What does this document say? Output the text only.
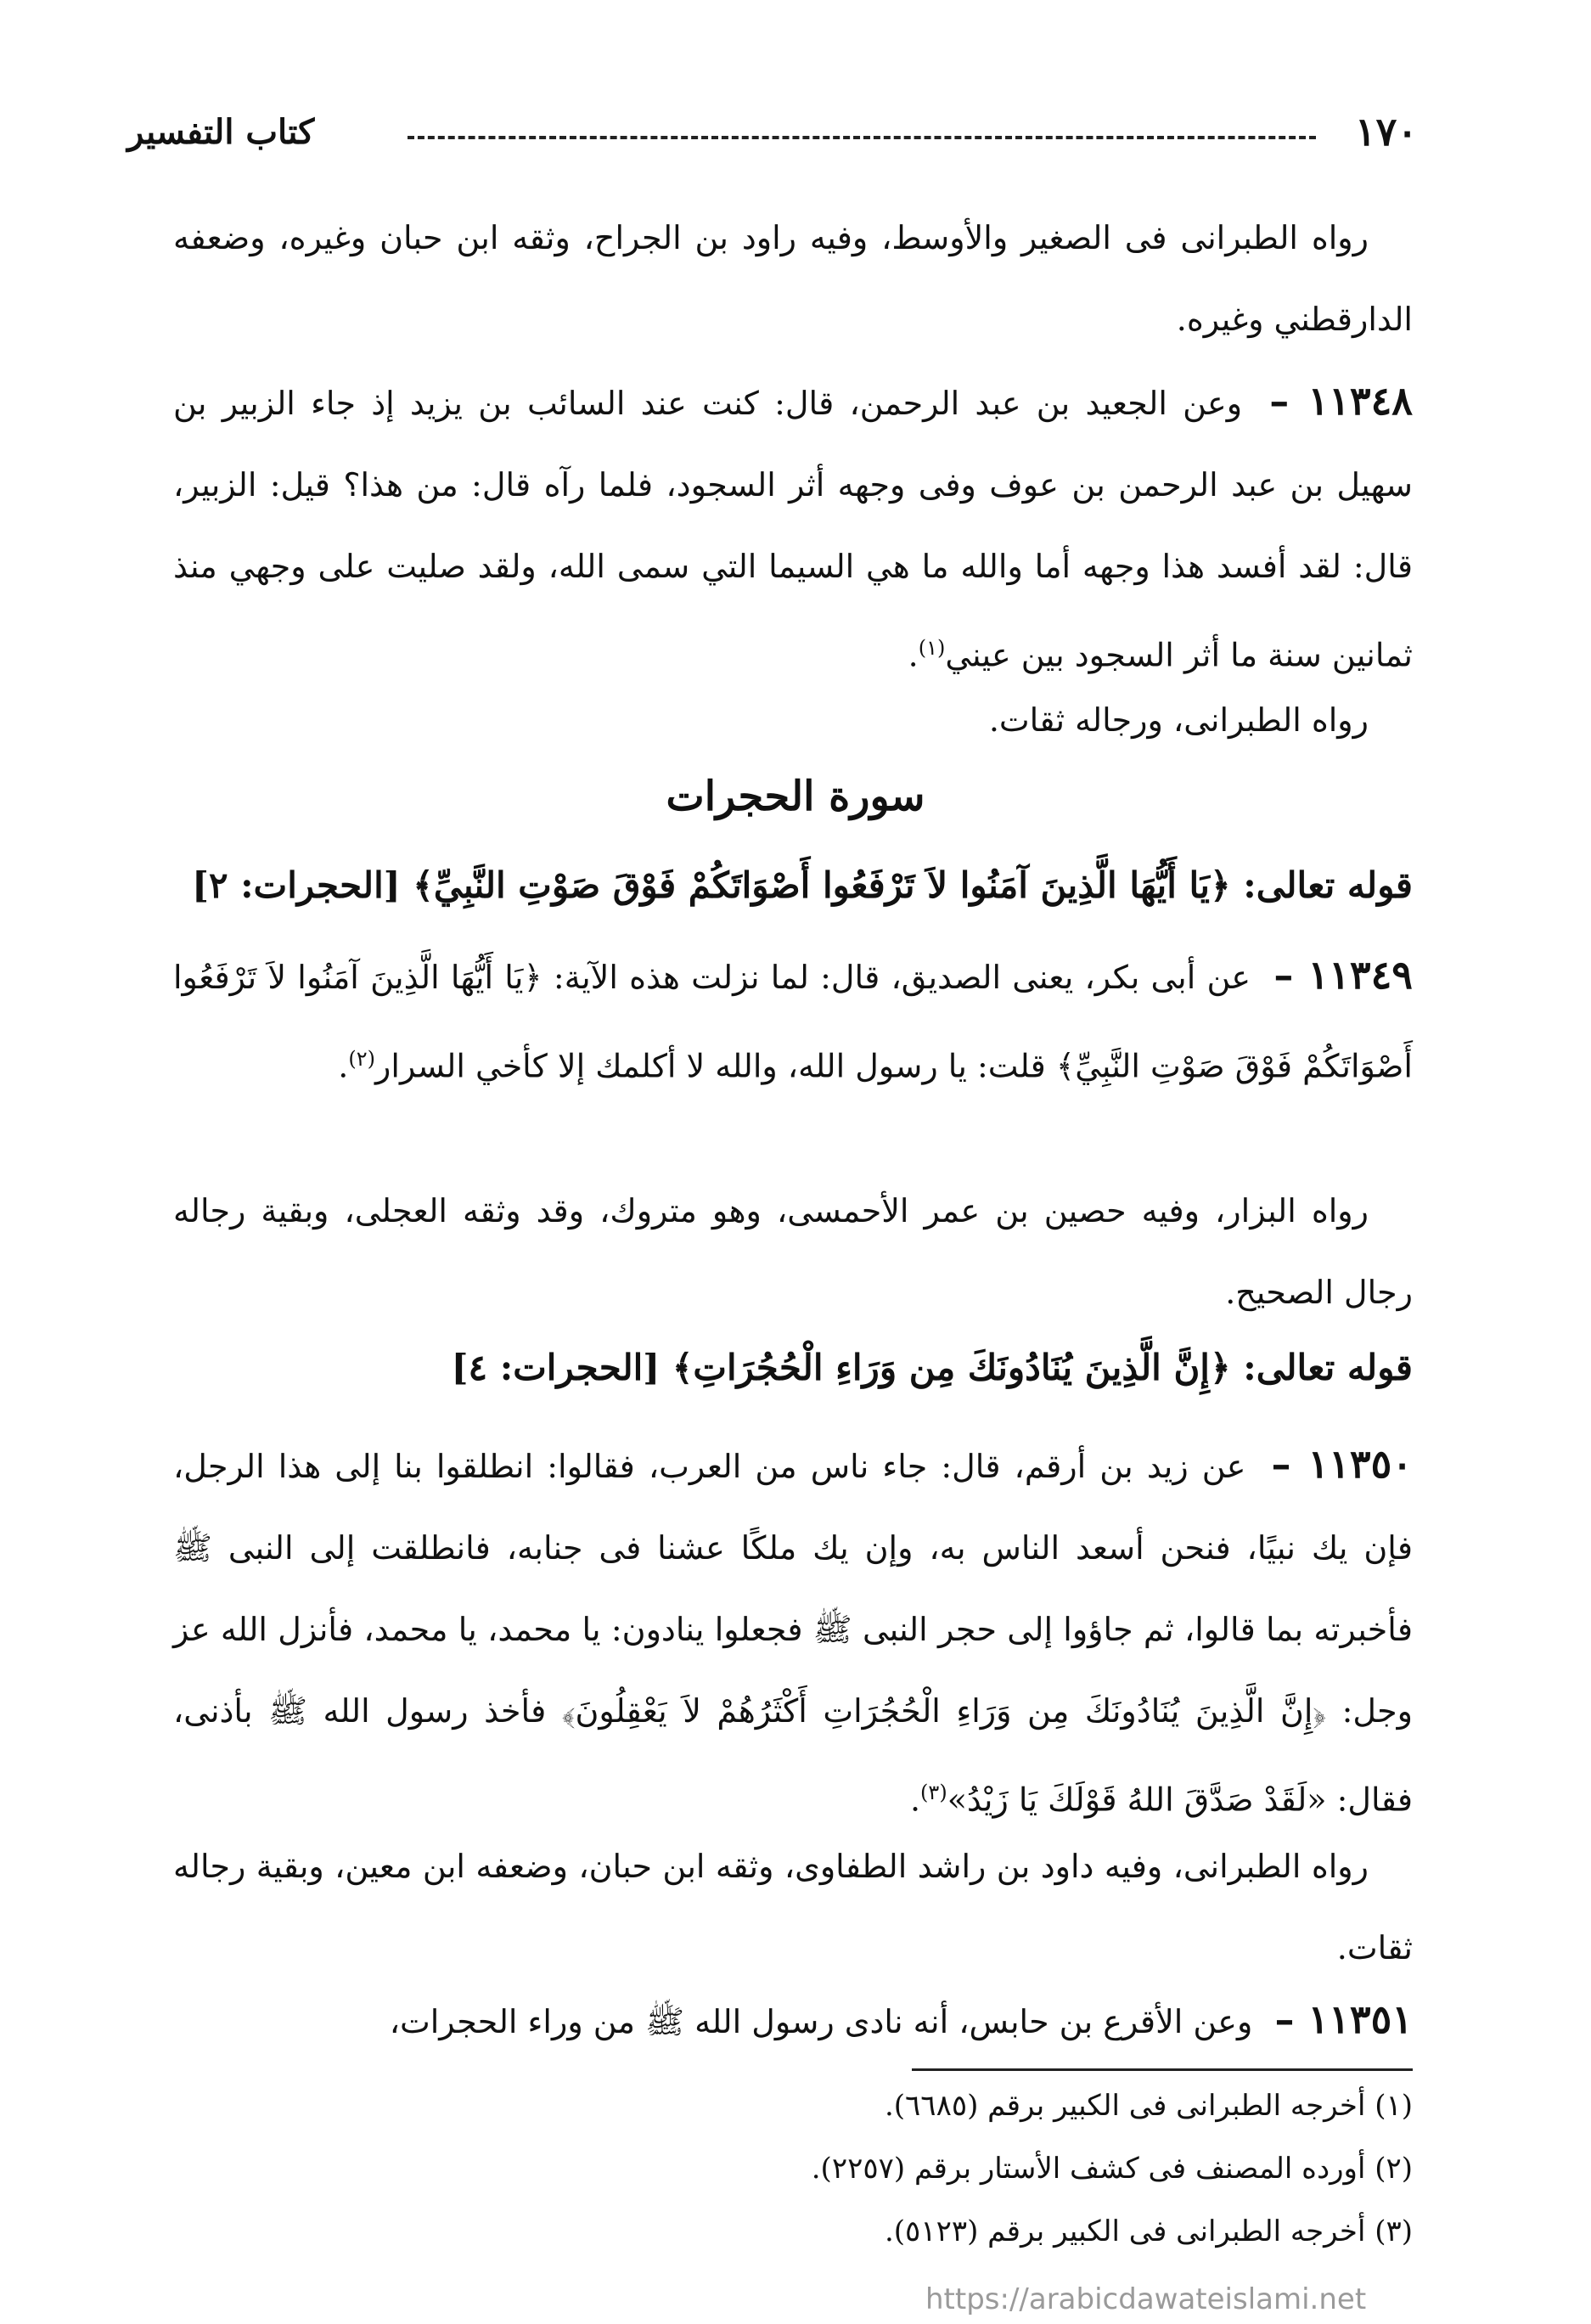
١٧٠
كتاب التفسير
رواه الطبرانى فى الصغير والأوسط، وفيه راود بن الجراح، وثقه ابن حبان وغيره، وضعفه الدارقطني وغيره.
١١٣٤٨ – وعن الجعيد بن عبد الرحمن، قال: كنت عند السائب بن يزيد إذ جاء الزبير بن سهيل بن عبد الرحمن بن عوف وفى وجهه أثر السجود، فلما رآه قال: من هذا؟ قيل: الزبير، قال: لقد أفسد هذا وجهه أما والله ما هي السيما التي سمى الله، ولقد صليت على وجهي منذ ثمانين سنة ما أثر السجود بين عيني$^{(١)}$.
رواه الطبرانى، ورجاله ثقات.
سورة الحجرات
قوله تعالى: ﴿يَا أَيُّهَا الَّذِينَ آمَنُوا لاَ تَرْفَعُوا أَصْوَاتَكُمْ فَوْقَ صَوْتِ النَّبِيِّ﴾ [الحجرات: ٢]
١١٣٤٩ – عن أبى بكر، يعنى الصديق، قال: لما نزلت هذه الآية: ﴿يَا أَيُّهَا الَّذِينَ آمَنُوا لاَ تَرْفَعُوا أَصْوَاتَكُمْ فَوْقَ صَوْتِ النَّبِيِّ﴾ قلت: يا رسول الله، والله لا أكلمك إلا كأخي السرار$^{(٢)}$.
رواه البزار، وفيه حصين بن عمر الأحمسى، وهو متروك، وقد وثقه العجلى، وبقية رجاله رجال الصحيح.
قوله تعالى: ﴿إِنَّ الَّذِينَ يُنَادُونَكَ مِن وَرَاءِ الْحُجُرَاتِ﴾ [الحجرات: ٤]
١١٣٥٠ – عن زيد بن أرقم، قال: جاء ناس من العرب، فقالوا: انطلقوا بنا إلى هذا الرجل، فإن يك نبيًا، فنحن أسعد الناس به، وإن يك ملكًا عشنا فى جنابه، فانطلقت إلى النبى ﷺ فأخبرته بما قالوا، ثم جاؤوا إلى حجر النبى ﷺ فجعلوا ينادون: يا محمد، يا محمد، فأنزل الله عز وجل: ﴿إِنَّ الَّذِينَ يُنَادُونَكَ مِن وَرَاءِ الْحُجُرَاتِ أَكْثَرُهُمْ لاَ يَعْقِلُونَ﴾ فأخذ رسول الله ﷺ بأذنى، فقال: «لَقَدْ صَدَّقَ اللهُ قَوْلَكَ يَا زَيْدُ»$^{(٣)}$.
رواه الطبرانى، وفيه داود بن راشد الطفاوى، وثقه ابن حبان، وضعفه ابن معين، وبقية رجاله ثقات.
١١٣٥١ – وعن الأقرع بن حابس، أنه نادى رسول الله ﷺ من وراء الحجرات،
(١) أخرجه الطبرانى فى الكبير برقم (٦٦٨٥).
(٢) أورده المصنف فى كشف الأستار برقم (٢٢٥٧).
(٣) أخرجه الطبرانى فى الكبير برقم (٥١٢٣).
https://arabicdawateislami.net
